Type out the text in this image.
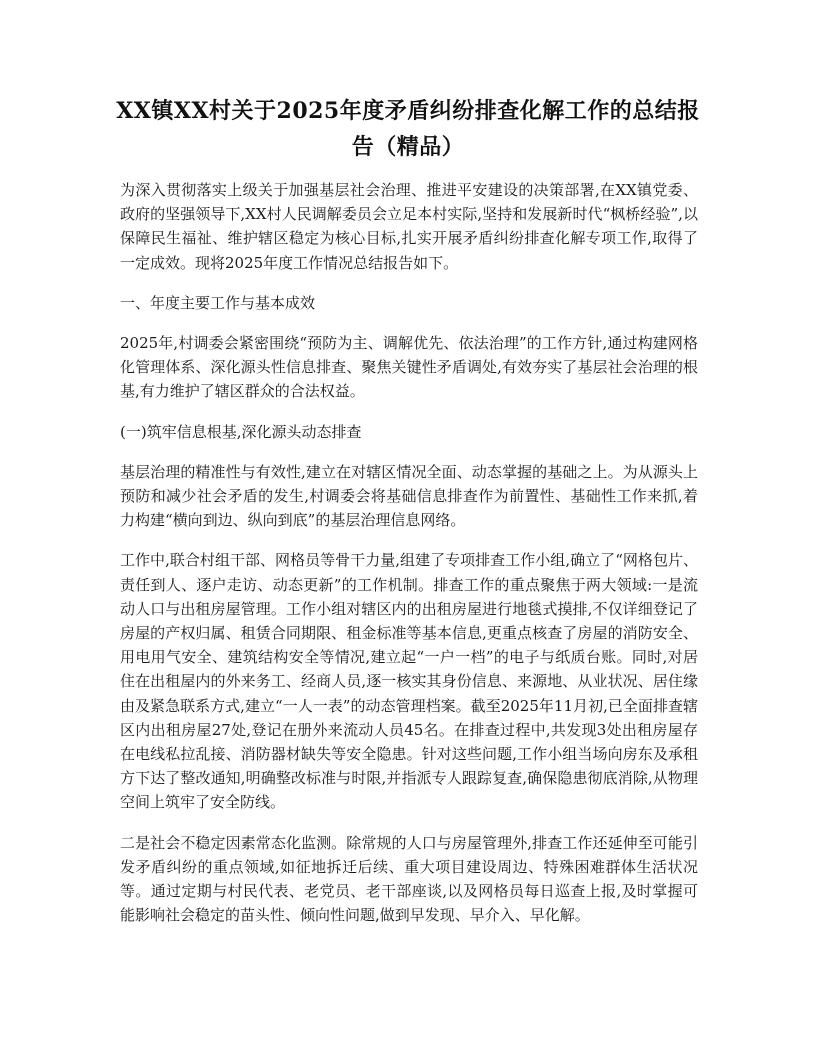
XX镇XX村关于2025年度矛盾纠纷排查化解工作的总结报告（精品）

为深入贯彻落实上级关于加强基层社会治理、推进平安建设的决策部署,在XX镇党委、政府的坚强领导下,XX村人民调解委员会立足本村实际,坚持和发展新时代“枫桥经验”,以保障民生福祉、维护辖区稳定为核心目标,扎实开展矛盾纠纷排查化解专项工作,取得了一定成效。现将2025年度工作情况总结报告如下。

一、年度主要工作与基本成效

2025年,村调委会紧密围绕“预防为主、调解优先、依法治理”的工作方针,通过构建网格化管理体系、深化源头性信息排查、聚焦关键性矛盾调处,有效夯实了基层社会治理的根基,有力维护了辖区群众的合法权益。

(一)筑牢信息根基,深化源头动态排查

基层治理的精准性与有效性,建立在对辖区情况全面、动态掌握的基础之上。为从源头上预防和减少社会矛盾的发生,村调委会将基础信息排查作为前置性、基础性工作来抓,着力构建“横向到边、纵向到底”的基层治理信息网络。

工作中,联合村组干部、网格员等骨干力量,组建了专项排查工作小组,确立了“网格包片、责任到人、逐户走访、动态更新”的工作机制。排查工作的重点聚焦于两大领域:一是流动人口与出租房屋管理。工作小组对辖区内的出租房屋进行地毯式摸排,不仅详细登记了房屋的产权归属、租赁合同期限、租金标准等基本信息,更重点核查了房屋的消防安全、用电用气安全、建筑结构安全等情况,建立起“一户一档”的电子与纸质台账。同时,对居住在出租屋内的外来务工、经商人员,逐一核实其身份信息、来源地、从业状况、居住缘由及紧急联系方式,建立“一人一表”的动态管理档案。截至2025年11月初,已全面排查辖区内出租房屋27处,登记在册外来流动人员45名。在排查过程中,共发现3处出租房屋存在电线私拉乱接、消防器材缺失等安全隐患。针对这些问题,工作小组当场向房东及承租方下达了整改通知,明确整改标准与时限,并指派专人跟踪复查,确保隐患彻底消除,从物理空间上筑牢了安全防线。

二是社会不稳定因素常态化监测。除常规的人口与房屋管理外,排查工作还延伸至可能引发矛盾纠纷的重点领域,如征地拆迁后续、重大项目建设周边、特殊困难群体生活状况等。通过定期与村民代表、老党员、老干部座谈,以及网格员每日巡查上报,及时掌握可能影响社会稳定的苗头性、倾向性问题,做到早发现、早介入、早化解。
